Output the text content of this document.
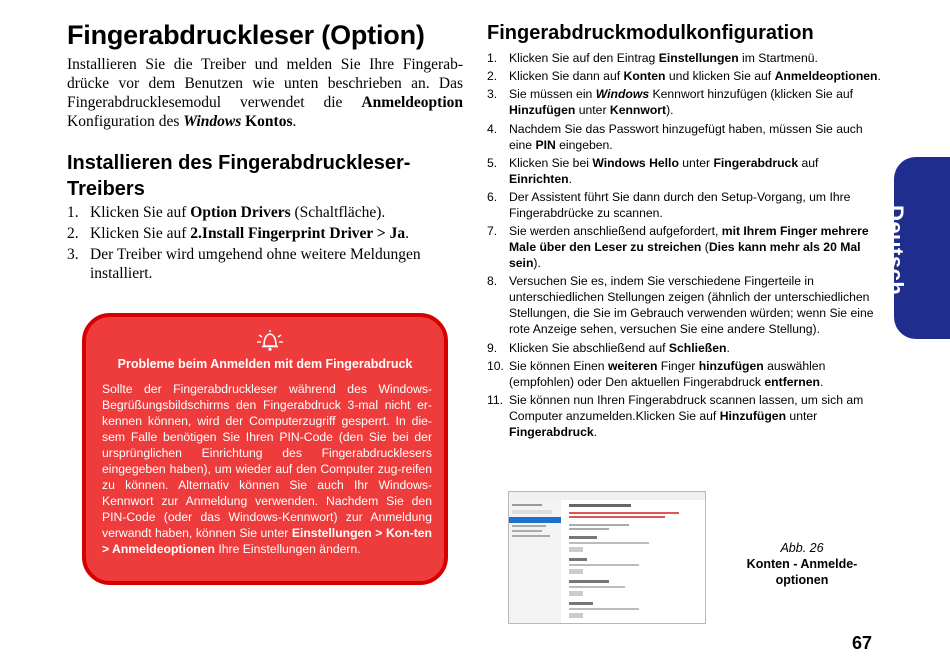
Fingerabdruckleser (Option)

Installieren Sie die Treiber und melden Sie Ihre Fingerab-drücke vor dem Benutzen wie unten beschrieben an. Das Fingerabdrucklesemodul verwendet die Anmeldeoption Konfiguration des Windows Kontos.

Installieren des Fingerabdruckleser-Treibers
1. Klicken Sie auf Option Drivers (Schaltfläche).
2. Klicken Sie auf 2.Install Fingerprint Driver > Ja.
3. Der Treiber wird umgehend ohne weitere Meldungen installiert.
Probleme beim Anmelden mit dem Fingerabdruck

Sollte der Fingerabdruckleser während des Windows-Begrüßungsbildschirms den Fingerabdruck 3-mal nicht er-kennen können, wird der Computerzugriff gesperrt. In die-sem Falle benötigen Sie Ihren PIN-Code (den Sie bei der ursprünglichen Einrichtung des Fingerabdrucklesers eingegeben haben), um wieder auf den Computer zug-reifen zu können. Alternativ können Sie auch Ihr Windows-Kennwort zur Anmeldung verwenden. Nachdem Sie den PIN-Code (oder das Windows-Kennwort) zur Anmeldung verwandt haben, können Sie unter Einstellungen > Kon-ten > Anmeldeoptionen Ihre Einstellungen ändern.

Fingerabdruckmodulkonfiguration
1. Klicken Sie auf den Eintrag Einstellungen im Startmenü.
2. Klicken Sie dann auf Konten und klicken Sie auf Anmeldeoptionen.
3. Sie müssen ein Windows Kennwort hinzufügen (klicken Sie auf Hinzufügen unter Kennwort).
4. Nachdem Sie das Passwort hinzugefügt haben, müssen Sie auch eine PIN eingeben.
5. Klicken Sie bei Windows Hello unter Fingerabdruck auf Einrichten.
6. Der Assistent führt Sie dann durch den Setup-Vorgang, um Ihre Fingerabdrücke zu scannen.
7. Sie werden anschließend aufgefordert, mit Ihrem Finger mehrere Male über den Leser zu streichen (Dies kann mehr als 20 Mal sein).
8. Versuchen Sie es, indem Sie verschiedene Fingerteile in unterschiedlichen Stellungen zeigen (ähnlich der unterschiedlichen Stellungen, die Sie im Gebrauch verwenden würden; wenn Sie eine rote Anzeige sehen, versuchen Sie eine andere Stellung).
9. Klicken Sie abschließend auf Schließen.
10. Sie können Einen weiteren Finger hinzufügen auswählen (empfohlen) oder Den aktuellen Fingerabdruck entfernen.
11. Sie können nun Ihren Fingerabdruck scannen lassen, um sich am Computer anzumelden.Klicken Sie auf Hinzufügen unter Fingerabdruck.
Deutsch
Abb. 26
Konten - Anmelde-optionen
67
